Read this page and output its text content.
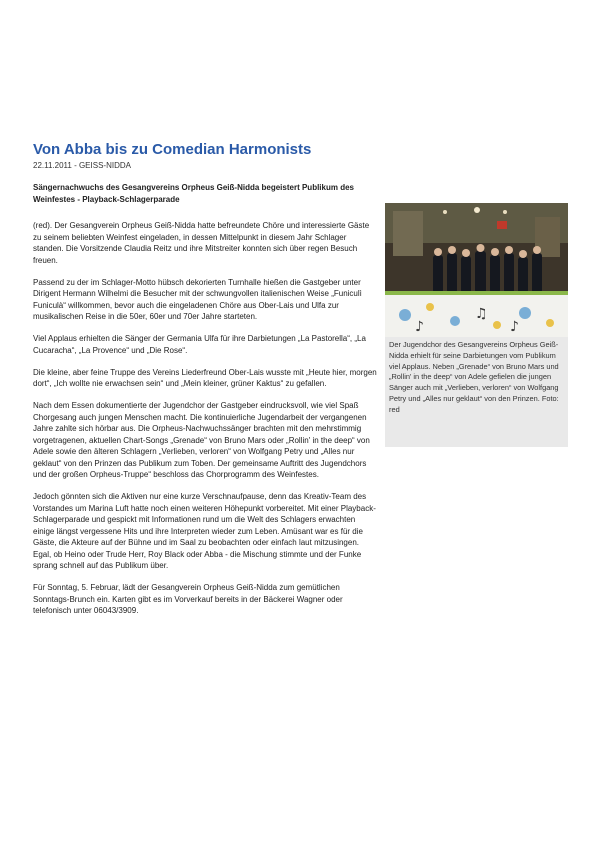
Von Abba bis zu Comedian Harmonists
22.11.2011 - GEISS-NIDDA

Sängernachwuchs des Gesangvereins Orpheus Geiß-Nidda begeistert Publikum des Weinfestes - Playback-Schlagerparade

(red). Der Gesangverein Orpheus Geiß-Nidda hatte befreundete Chöre und interessierte Gäste zu seinem beliebten Weinfest eingeladen, in dessen Mittelpunkt in diesem Jahr Schlager standen. Die Vorsitzende Claudia Reitz und ihre Mitstreiter konnten sich über regen Besuch freuen.

Passend zu der im Schlager-Motto hübsch dekorierten Turnhalle hießen die Gastgeber unter Dirigent Hermann Wilhelmi die Besucher mit der schwungvollen italienischen Weise „Funiculì Funiculà“ willkommen, bevor auch die eingeladenen Chöre aus Ober-Lais und Ulfa zur musikalischen Reise in die 50er, 60er und 70er Jahre starteten.

Viel Applaus erhielten die Sänger der Germania Ulfa für ihre Darbietungen „La Pastorella“, „La Cucaracha“, „La Provence“ und „Die Rose“.

Die kleine, aber feine Truppe des Vereins Liederfreund Ober-Lais wusste mit „Heute hier, morgen dort“, „Ich wollte nie erwachsen sein“ und „Mein kleiner, grüner Kaktus“ zu gefallen.

Nach dem Essen dokumentierte der Jugendchor der Gastgeber eindrucksvoll, wie viel Spaß Chorgesang auch jungen Menschen macht. Die kontinuierliche Jugendarbeit der vergangenen Jahre zahlte sich hörbar aus. Die Orpheus-Nachwuchssänger brachten mit den mehrstimmig vorgetragenen, aktuellen Chart-Songs „Grenade“ von Bruno Mars oder „Rollin' in the deep“ von Adele sowie den älteren Schlagern „Verlieben, verloren“ von Wolfgang Petry und „Alles nur geklaut“ von den Prinzen das Publikum zum Toben. Der gemeinsame Auftritt des Jugendchors und der großen Orpheus-Truppe“ beschloss das Chorprogramm des Weinfestes.

Jedoch gönnten sich die Aktiven nur eine kurze Verschnaufpause, denn das Kreativ-Team des Vorstandes um Marina Luft hatte noch einen weiteren Höhepunkt vorbereitet. Mit einer Playback-Schlagerparade und gespickt mit Informationen rund um die Welt des Schlagers erwachten einige längst vergessene Hits und ihre Interpreten wieder zum Leben. Amüsant war es für die Gäste, die Akteure auf der Bühne und im Saal zu beobachten oder einfach laut mitzusingen. Egal, ob Heino oder Trude Herr, Roy Black oder Abba - die Mischung stimmte und der Funke sprang schnell auf das Publikum über.

Für Sonntag, 5. Februar, lädt der Gesangverein Orpheus Geiß-Nidda zum gemütlichen Sonntags-Brunch ein. Karten gibt es im Vorverkauf bereits in der Bäckerei Wagner oder telefonisch unter 06043/3909.

♫
♪	♪
Der Jugendchor des Gesangvereins Orpheus Geiß-Nidda erhielt für seine Darbietungen vom Publikum viel Applaus. Neben „Grenade“ von Bruno Mars und „Rollin' in the deep“ von Adele gefielen die jungen Sänger auch mit „Verlieben, verloren“ von Wolfgang Petry und „Alles nur geklaut“ von den Prinzen. Foto: red
